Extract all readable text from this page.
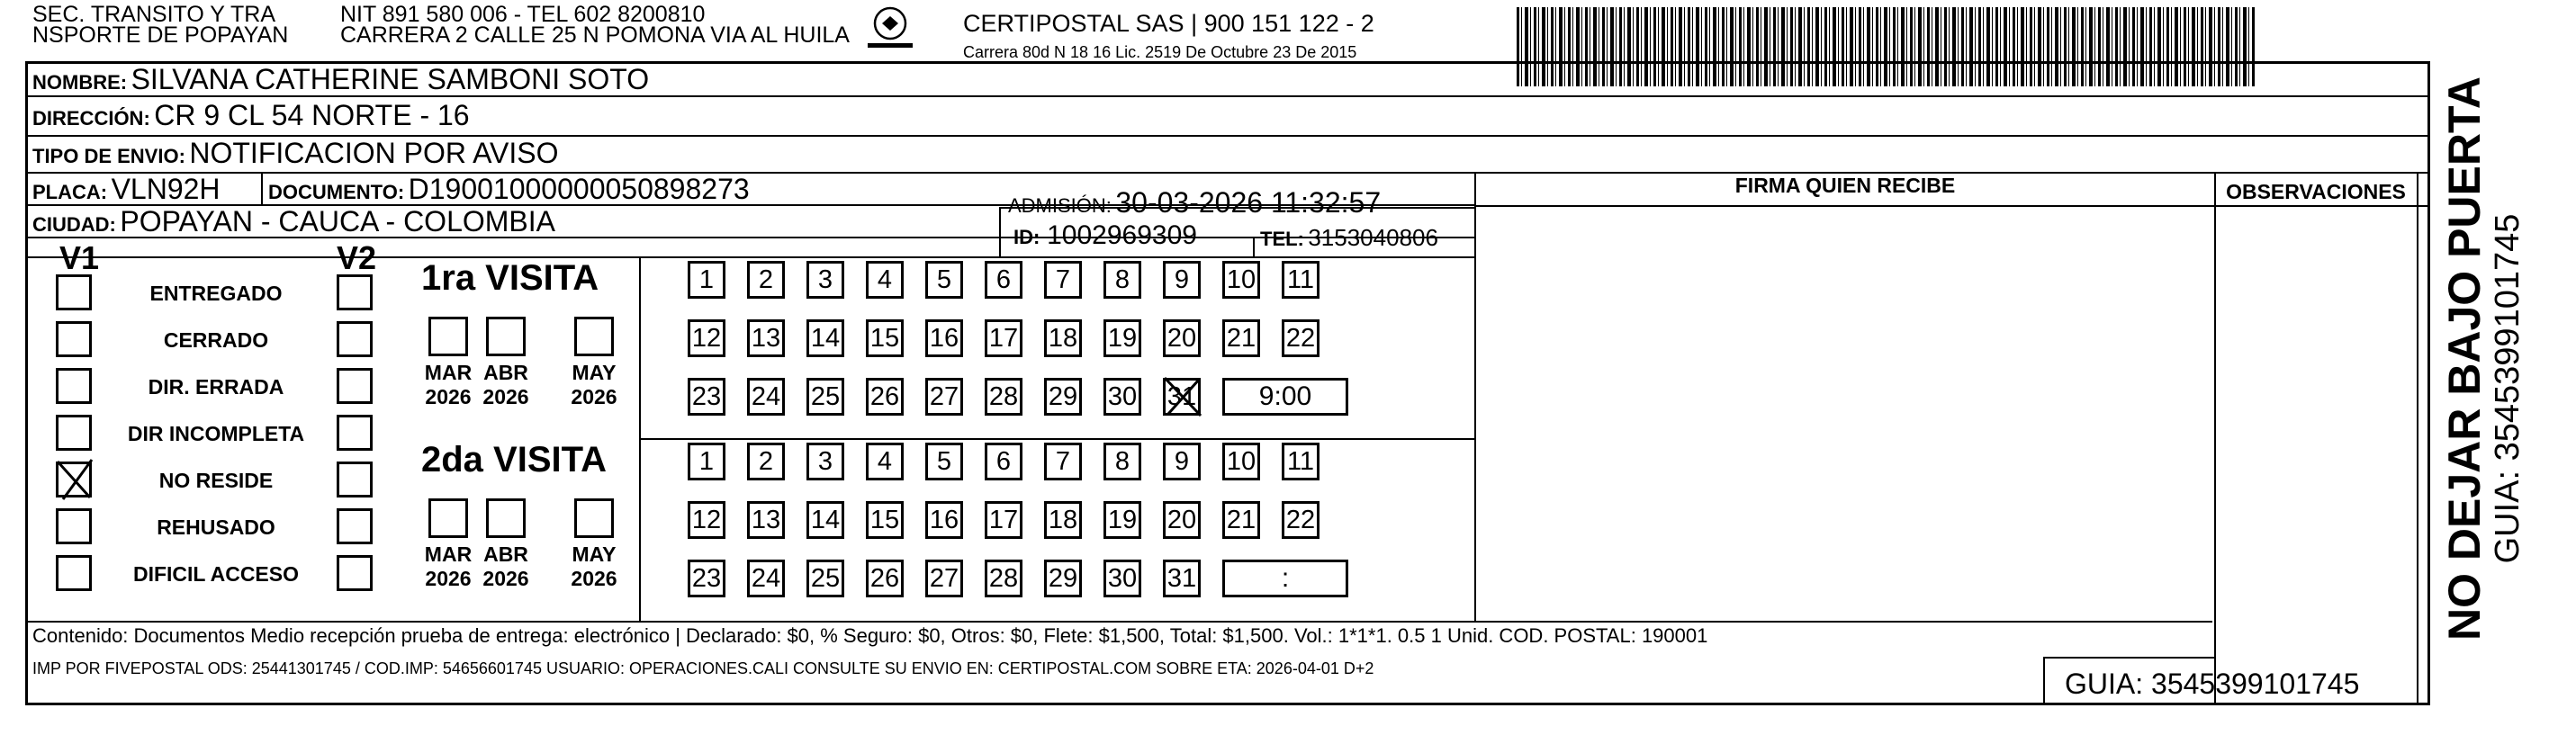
SEC. TRANSITO Y TRA
NSPORTE DE POPAYAN
NIT 891 580 006 - TEL 602 8200810
CARRERA 2 CALLE 25 N POMONA VIA AL HUILA	CERTIPOSTAL SAS | 900 151 122 - 2
Carrera 80d N 18 16 Lic. 2519 De Octubre 23 De 2015
NOMBRE: SILVANA CATHERINE SAMBONI SOTO
DIRECCIÓN: CR 9 CL 54 NORTE - 16
TIPO DE ENVIO: NOTIFICACION POR AVISO
PLACA: VLN92H DOCUMENTO: D19001000000050898273
ADMISIÓN: 30-03-2026 11:32:57
CIUDAD: POPAYAN - CAUCA - COLOMBIA	ID: 1002969309	TEL: 3153040806
FIRMA QUIEN RECIBE	OBSERVACIONES
V1	V2
ENTREGADO
CERRADO
DIR. ERRADA
DIR INCOMPLETA
NO RESIDE
REHUSADO
DIFICIL ACCESO
1ra VISITA
MAR
2026
ABR
2026
MAY
2026
1	2	3	4	5	6	7	8	9	10 11
12 13 14 15 16 17 18 19 20 21 22
23 24 25 26 27 28 29 30 31	9:00
2da VISITA
MAR
2026
ABR
2026
MAY
2026
1	2	3	4	5	6	7	8	9	10 11
12 13 14 15 16 17 18 19 20 21 22
23 24 25 26 27 28 29 30 31	:
Contenido: Documentos Medio recepción prueba de entrega: electrónico | Declarado: $0, % Seguro: $0, Otros: $0, Flete: $1,500, Total: $1,500. Vol.: 1*1*1. 0.5 1 Unid. COD. POSTAL: 190001
IMP POR FIVEPOSTAL ODS: 25441301745 / COD.IMP: 54656601745 USUARIO: OPERACIONES.CALI CONSULTE SU ENVIO EN: CERTIPOSTAL.COM SOBRE ETA: 2026-04-01 D+2	GUIA: 3545399101745
NO DEJAR BAJO PUERTA GUIA: 3545399101745
